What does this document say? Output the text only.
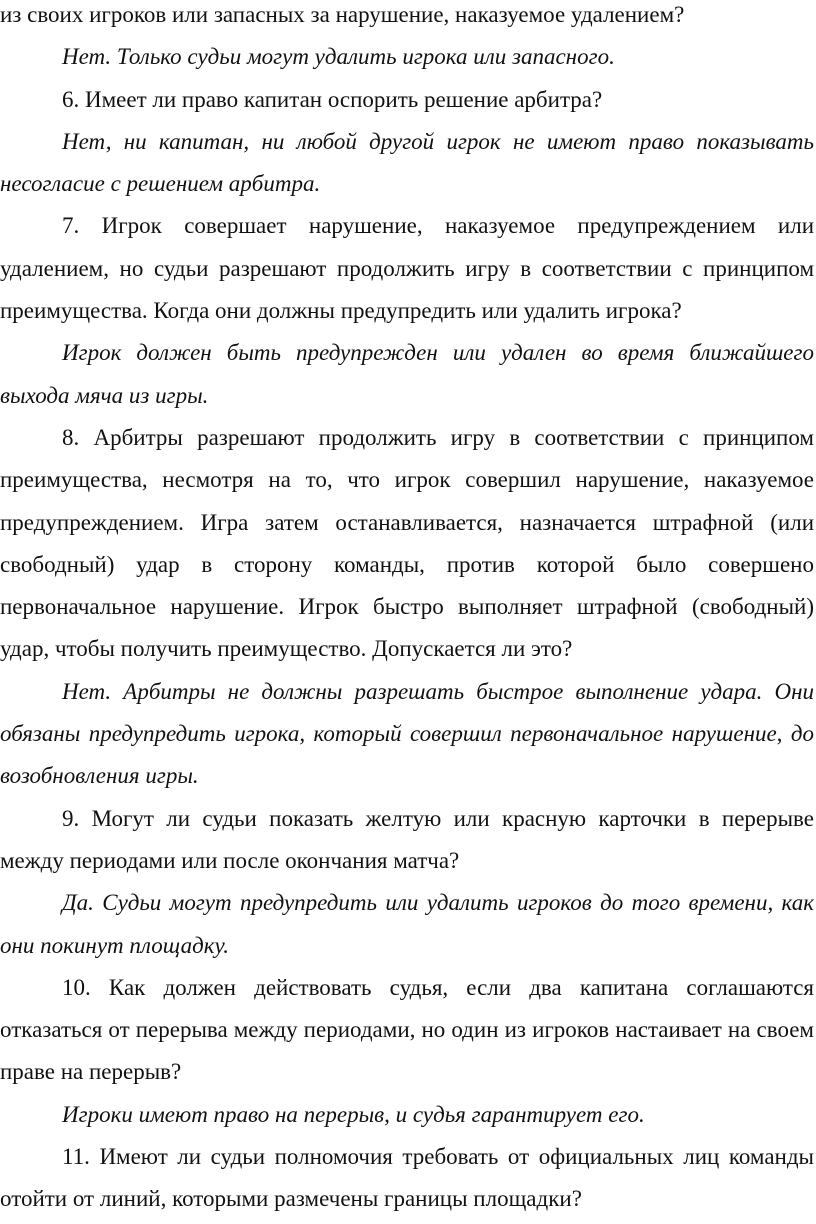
из своих игроков или запасных за нарушение, наказуемое удалением?

Нет. Только судьи могут удалить игрока или запасного.

6. Имеет ли право капитан оспорить решение арбитра?

Нет, ни капитан, ни любой другой игрок не имеют право показывать несогласие с решением арбитра.

7. Игрок совершает нарушение, наказуемое предупреждением или удалением, но судьи разрешают продолжить игру в соответствии с принципом преимущества. Когда они должны предупредить или удалить игрока?

Игрок должен быть предупрежден или удален во время ближайшего выхода мяча из игры.

8. Арбитры разрешают продолжить игру в соответствии с принципом преимущества, несмотря на то, что игрок совершил нарушение, наказуемое предупреждением. Игра затем останавливается, назначается штрафной (или свободный) удар в сторону команды, против которой было совершено первоначальное нарушение. Игрок быстро выполняет штрафной (свободный) удар, чтобы получить преимущество. Допускается ли это?

Нет. Арбитры не должны разрешать быстрое выполнение удара. Они обязаны предупредить игрока, который совершил первоначальное нарушение, до возобновления игры.

9. Могут ли судьи показать желтую или красную карточки в перерыве между периодами или после окончания матча?

Да. Судьи могут предупредить или удалить игроков до того времени, как они покинут площадку.

10. Как должен действовать судья, если два капитана соглашаются отказаться от перерыва между периодами, но один из игроков настаивает на своем праве на перерыв?

Игроки имеют право на перерыв, и судья гарантирует его.

11. Имеют ли судьи полномочия требовать от официальных лиц команды отойти от линий, которыми размечены границы площадки?
